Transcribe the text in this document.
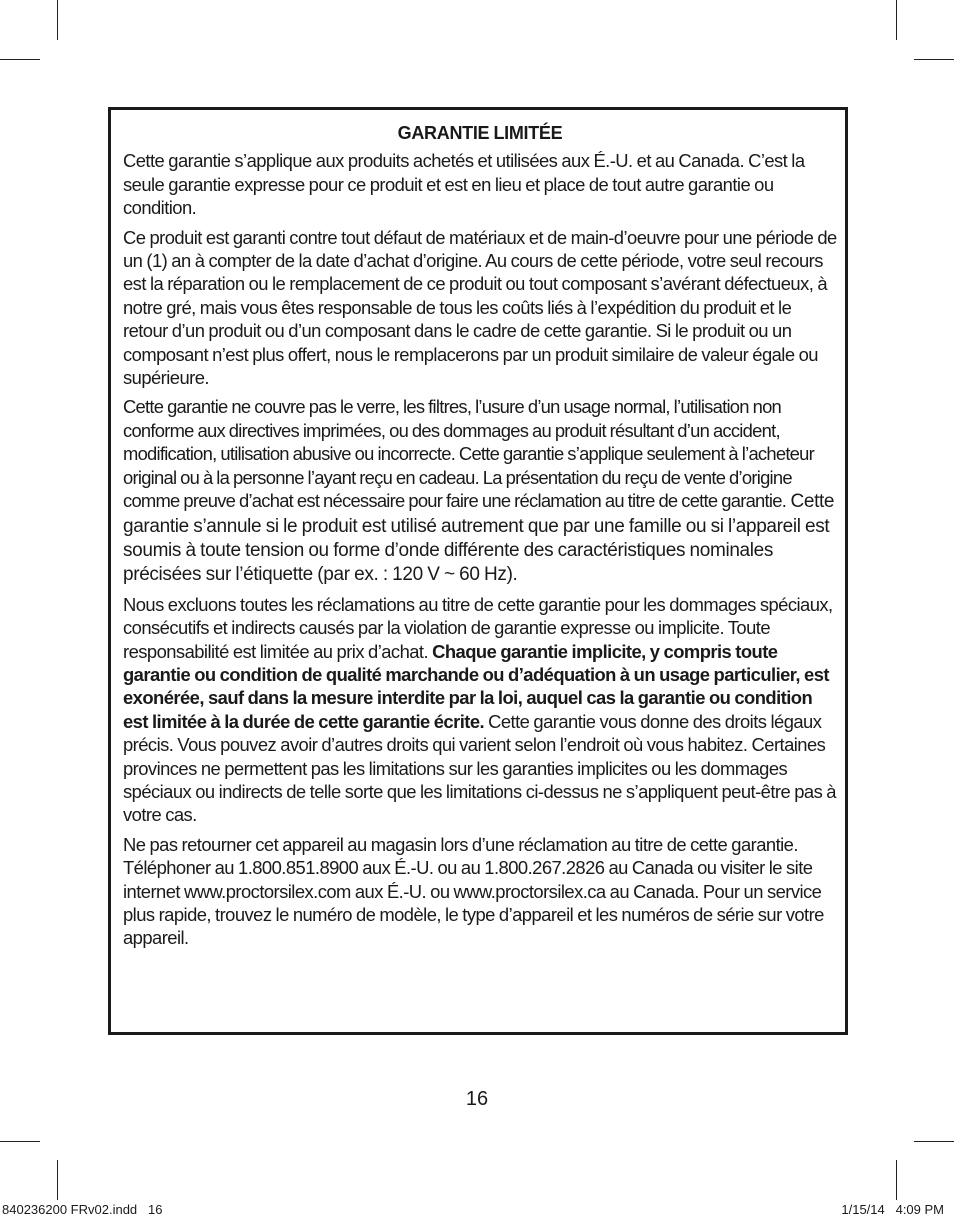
GARANTIE LIMITÉE

Cette garantie s’applique aux produits achetés et utilisées aux É.-U. et au Canada. C’est la seule garantie expresse pour ce produit et est en lieu et place de tout autre garantie ou condition.

Ce produit est garanti contre tout défaut de matériaux et de main-d’oeuvre pour une période de un (1) an à compter de la date d’achat d’origine. Au cours de cette période, votre seul recours est la réparation ou le remplacement de ce produit ou tout composant s’avérant défectueux, à notre gré, mais vous êtes responsable de tous les coûts liés à l’expédition du produit et le retour d’un produit ou d’un composant dans le cadre de cette garantie. Si le produit ou un composant n’est plus offert, nous le remplacerons par un produit similaire de valeur égale ou supérieure.

Cette garantie ne couvre pas le verre, les filtres, l’usure d’un usage normal, l’utilisation non conforme aux directives imprimées, ou des dommages au produit résultant d’un accident, modification, utilisation abusive ou incorrecte. Cette garantie s’applique seulement à l’acheteur original ou à la personne l’ayant reçu en cadeau. La présentation du reçu de vente d’origine comme preuve d’achat est nécessaire pour faire une réclamation au titre de cette garantie. Cette garantie s’annule si le produit est utilisé autrement que par une famille ou si l’appareil est soumis à toute tension ou forme d’onde différente des caractéristiques nominales précisées sur l’étiquette (par ex. : 120 V ~ 60 Hz).

Nous excluons toutes les réclamations au titre de cette garantie pour les dommages spéciaux, consécutifs et indirects causés par la violation de garantie expresse ou implicite. Toute responsabilité est limitée au prix d’achat. Chaque garantie implicite, y compris toute garantie ou condition de qualité marchande ou d’adéquation à un usage particulier, est exonérée, sauf dans la mesure interdite par la loi, auquel cas la garantie ou condition est limitée à la durée de cette garantie écrite. Cette garantie vous donne des droits légaux précis. Vous pouvez avoir d’autres droits qui varient selon l’endroit où vous habitez. Certaines provinces ne permettent pas les limitations sur les garanties implicites ou les dommages spéciaux ou indirects de telle sorte que les limitations ci-dessus ne s’appliquent peut-être pas à votre cas.

Ne pas retourner cet appareil au magasin lors d’une réclamation au titre de cette garantie. Téléphoner au 1.800.851.8900 aux É.-U. ou au 1.800.267.2826 au Canada ou visiter le site internet www.proctorsilex.com aux É.-U. ou www.proctorsilex.ca au Canada. Pour un service plus rapide, trouvez le numéro de modèle, le type d’appareil et les numéros de série sur votre appareil.

16
840236200 FRv02.indd   16	1/15/14   4:09 PM
